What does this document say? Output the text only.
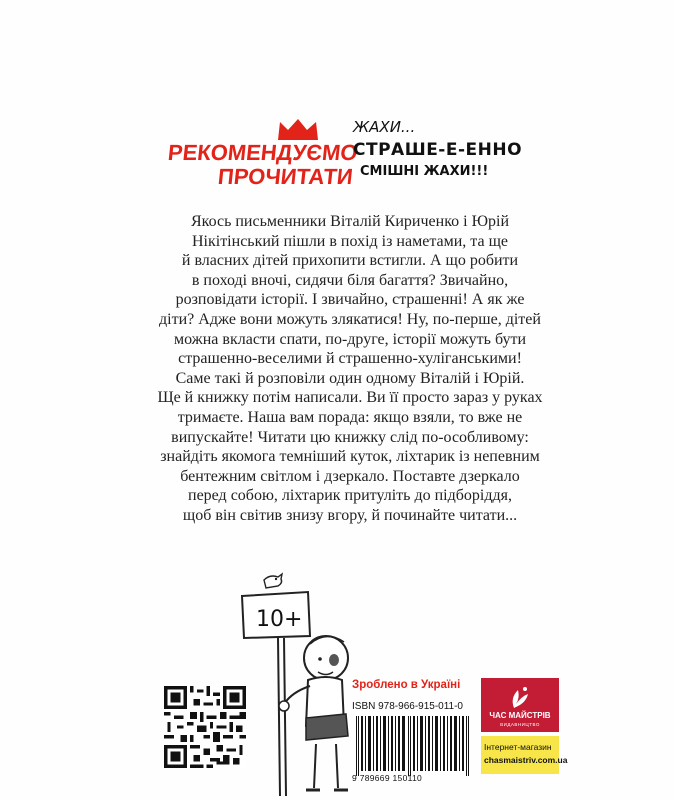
РЕКОМЕНДУЄМО
ПРОЧИТАТИ
ЖАХИ...
СТРАШЕ-Е-ЕННО
СМІШНІ ЖАХИ!!!
Якось письменники Віталій Кириченко і Юрій
Нікітінський пішли в похід із наметами, та ще
й власних дітей прихопити встигли. А що робити
в поході вночі, сидячи біля багаття? Звичайно,
розповідати історії. І звичайно, страшенні! А як же
діти? Адже вони можуть злякатися! Ну, по-перше, дітей
можна вкласти спати, по-друге, історії можуть бути
страшенно-веселими й страшенно-хуліганськими!
Саме такі й розповіли один одному Віталій і Юрій.
Ще й книжку потім написали. Ви її просто зараз у руках
тримаєте. Наша вам порада: якщо взяли, то вже не
випускайте! Читати цю книжку слід по-особливому:
знайдіть якомога темніший куток, ліхтарик із непевним
бентежним світлом і дзеркало. Поставте дзеркало
перед собою, ліхтарик притуліть до підборіддя,
щоб він світив знизу вгору, й починайте читати...
10+
Зроблено в Україні
ISBN 978-966-915-011-0
9 789669 150110
ЧАС МАЙСТРІВ
ВИДАВНИЦТВО
Інтернет-магазин
chasmaistriv.com.ua
